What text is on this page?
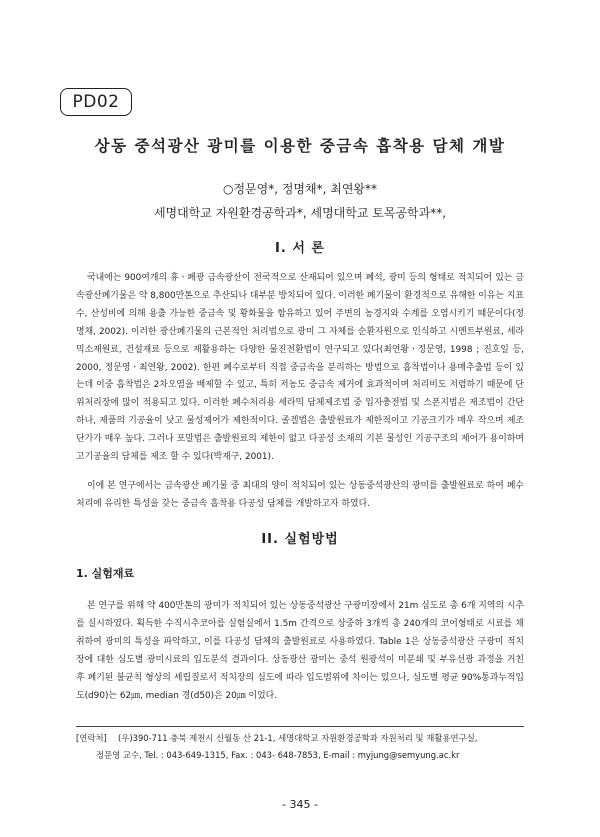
PD02
상동 중석광산 광미를 이용한 중금속 흡착용 담체 개발
○정문영*, 정명채*, 최연왕**
세명대학교 자원환경공학과*, 세명대학교 토목공학과**,
I. 서 론

국내에는 900여개의 휴ㆍ폐광 금속광산이 전국적으로 산재되어 있으며 폐석, 광미 등의 형태로 적치되어 있는 금속광산폐기물은 약 8,800만톤으로 추산되나 대부분 방치되어 있다. 이러한 폐기물이 환경적으로 유해한 이유는 지표수, 산성비에 의해 용출 가능한 중금속 및 황화물을 함유하고 있어 주변의 농경지와 수계를 오염시키기 때문이다(정명채, 2002). 이러한 광산폐기물의 근본적인 처리법으로 광미 그 자체를 순환자원으로 인식하고 시멘트부원료, 세라믹소재원료, 건설재료 등으로 재활용하는 다양한 물진전환법이 연구되고 있다(최연왕ㆍ정문영, 1998 ; 진호일 등, 2000, 정문영ㆍ최연왕, 2002). 한편 폐수로부터 직접 중금속을 분리하는 방법으로 흡착법이나 용매추출법 등이 있는데 이중 흡착법은 2차오염을 배제할 수 있고, 특히 저농도 중금속 제거에 효과적이며 처리비도 저렴하기 때문에 단위처리장에 많이 적용되고 있다. 이러한 폐수처리용 세라믹 담체제조법 중 입자충전법 및 스폰지법은 제조법이 간단하나, 제품의 기공율이 낮고 물성제어가 제한적이다. 졸겔법은 출발원료가 제한적이고 기공크기가 매우 작으며 제조단가가 매우 높다. 그러나 포말법은 출발원료의 제한이 없고 다공성 소재의 기본 물성인 기공구조의 제어가 용이하며 고기공율의 담체를 제조 할 수 있다(박재구, 2001).

이에 본 연구에서는 금속광산 폐기물 중 최대의 양이 적치되어 있는 상동중석광산의 광미를 출발원료로 하여 폐수처리에 유리한 특성을 갖는 중금속 흡착용 다공성 담체를 개발하고자 하였다.

II. 실험방법
1. 실험재료

본 연구를 위해 약 400만톤의 광미가 적치되어 있는 상동중석광산 구광미장에서 21m 심도로 총 6개 지역의 시추를 실시하였다. 획득한 수직시추코아를 실험실에서 1.5m 간격으로 상중하 3개씩 총 240개의 코어형태로 시료를 채취하여 광미의 특성을 파악하고, 이를 다공성 담체의 출발원료로 사용하였다. Table 1은 상동중석광산 구광미 적치장에 대한 심도별 광미시료의 입도분석 결과이다. 상동광산 광미는 중석 원광석이 미분쇄 및 부유선광 과정을 거친 후 폐기된 불균칙 형상의 세립질로서 적치장의 심도에 따라 입도범위에 차이는 있으나, 심도별 평균 90%통과누적입도(d90)는 62㎛, median 경(d50)은 20㎛ 이었다.

[연락처] (우)390-711 충북 제천시 신월동 산 21-1, 세명대학교 자원환경공학과 자원처리 및 재활용연구실,
정문영 교수, Tel. : 043-649-1315, Fax. : 043- 648-7853, E-mail : myjung@semyung.ac.kr
- 345 -
